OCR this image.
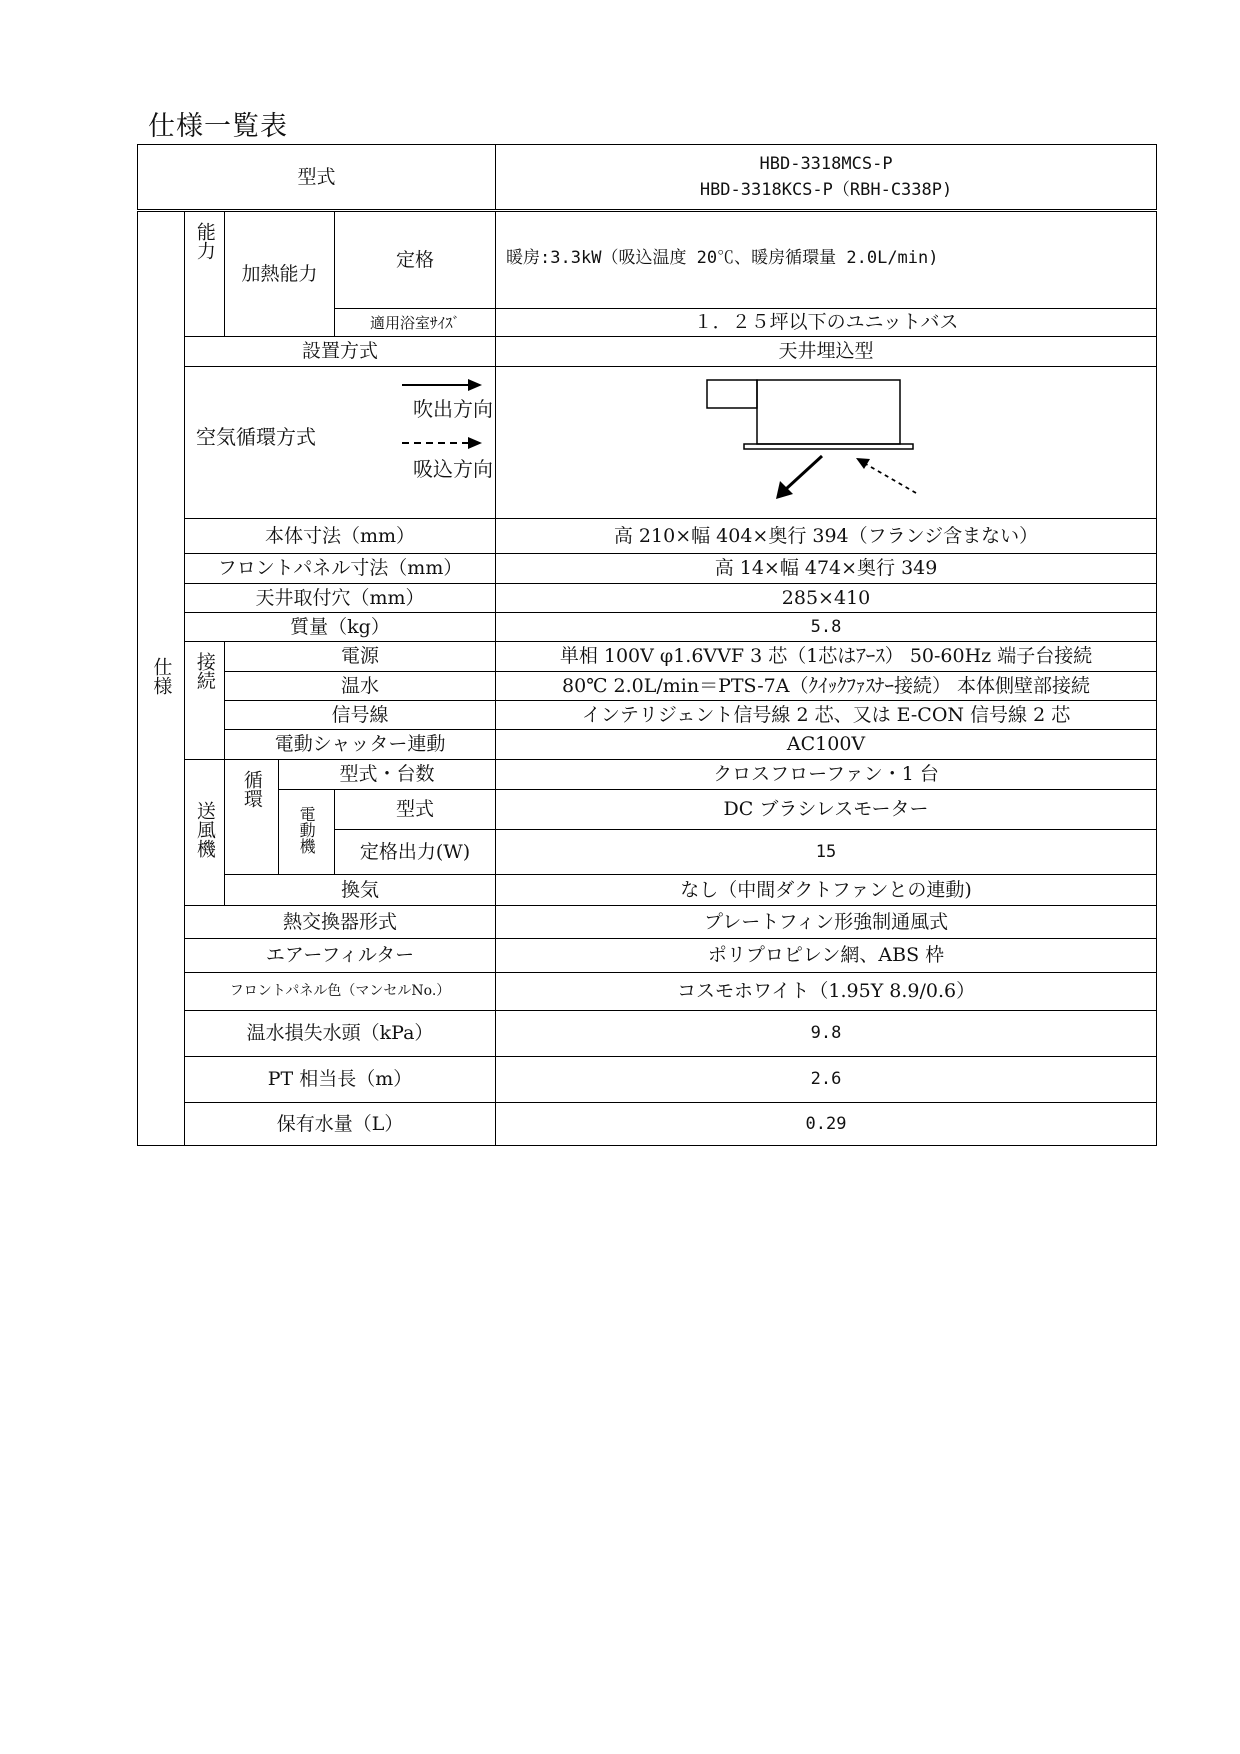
仕様一覧表
型式					HBD-3318MCS-P
HBD-3318KCS-P（RBH-C338P)

仕様	能力	加熱能力		定格	暖房:3.3kW（吸込温度 20℃、暖房循環量 2.0L/min)
				適用浴室ｻｲｽﾞ	１．２５坪以下のユニットバス
	設置方式				天井埋込型

	空気循環方式
吹出方向
吸込方向

	本体寸法（mm）				高 210×幅 404×奥行 394（フランジ含まない）
	フロントパネル寸法（mm）				高 14×幅 474×奥行 349
	天井取付穴（mm）				285×410
	質量（kg）				5.8
	接続	電源			単相 100V φ1.6VVF 3 芯（1芯はｱｰｽ） 50-60Hz 端子台接続
		温水			80℃ 2.0L/min＝PTS-7A（ｸｲｯｸﾌｧｽﾅｰ接続） 本体側壁部接続
		信号線			インテリジェント信号線 2 芯、又は E-CON 信号線 2 芯
		電動シャッター連動			AC100V
	送風機	循環	型式・台数		クロスフローファン・1 台
			電動機	型式	DC ブラシレスモーター
				定格出力(W)	15
		換気			なし（中間ダクトファンとの連動)
	熱交換器形式				プレートフィン形強制通風式
	エアーフィルター				ポリプロピレン網、ABS 枠
	フロントパネル色（マンセルNo.）				コスモホワイト（1.95Y 8.9/0.6）
	温水損失水頭（kPa）				9.8
	PT 相当長（m）				2.6
	保有水量（L）				0.29
